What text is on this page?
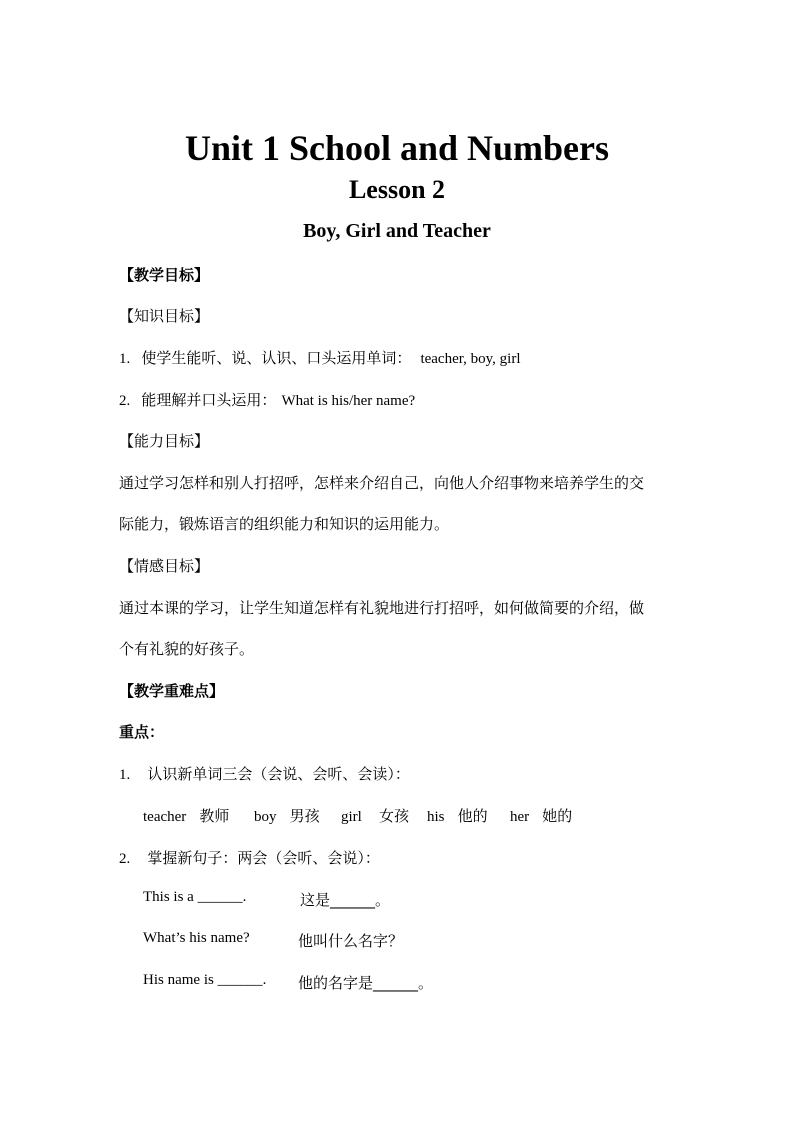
Unit 1 School and Numbers
Lesson 2
Boy, Girl and Teacher
【教学目标】
【知识目标】
1. 使学生能听、说、认识、口头运用单词： teacher, boy, girl
2. 能理解并口头运用： What is his/her name?
【能力目标】
通过学习怎样和别人打招呼，怎样来介绍自己，向他人介绍事物来培养学生的交
际能力，锻炼语言的组织能力和知识的运用能力。
【情感目标】
通过本课的学习，让学生知道怎样有礼貌地进行打招呼，如何做简要的介绍，做
个有礼貌的好孩子。
【教学重难点】
重点：
1. 认识新单词三会（会说、会听、会读）：
teacher 教师 boy 男孩 girl 女孩 his 他的 her 她的
2. 掌握新句子：两会（会听、会说）：
This is a ______.	这是______。
What’s his name?	他叫什么名字？
His name is ______. 他的名字是______。
